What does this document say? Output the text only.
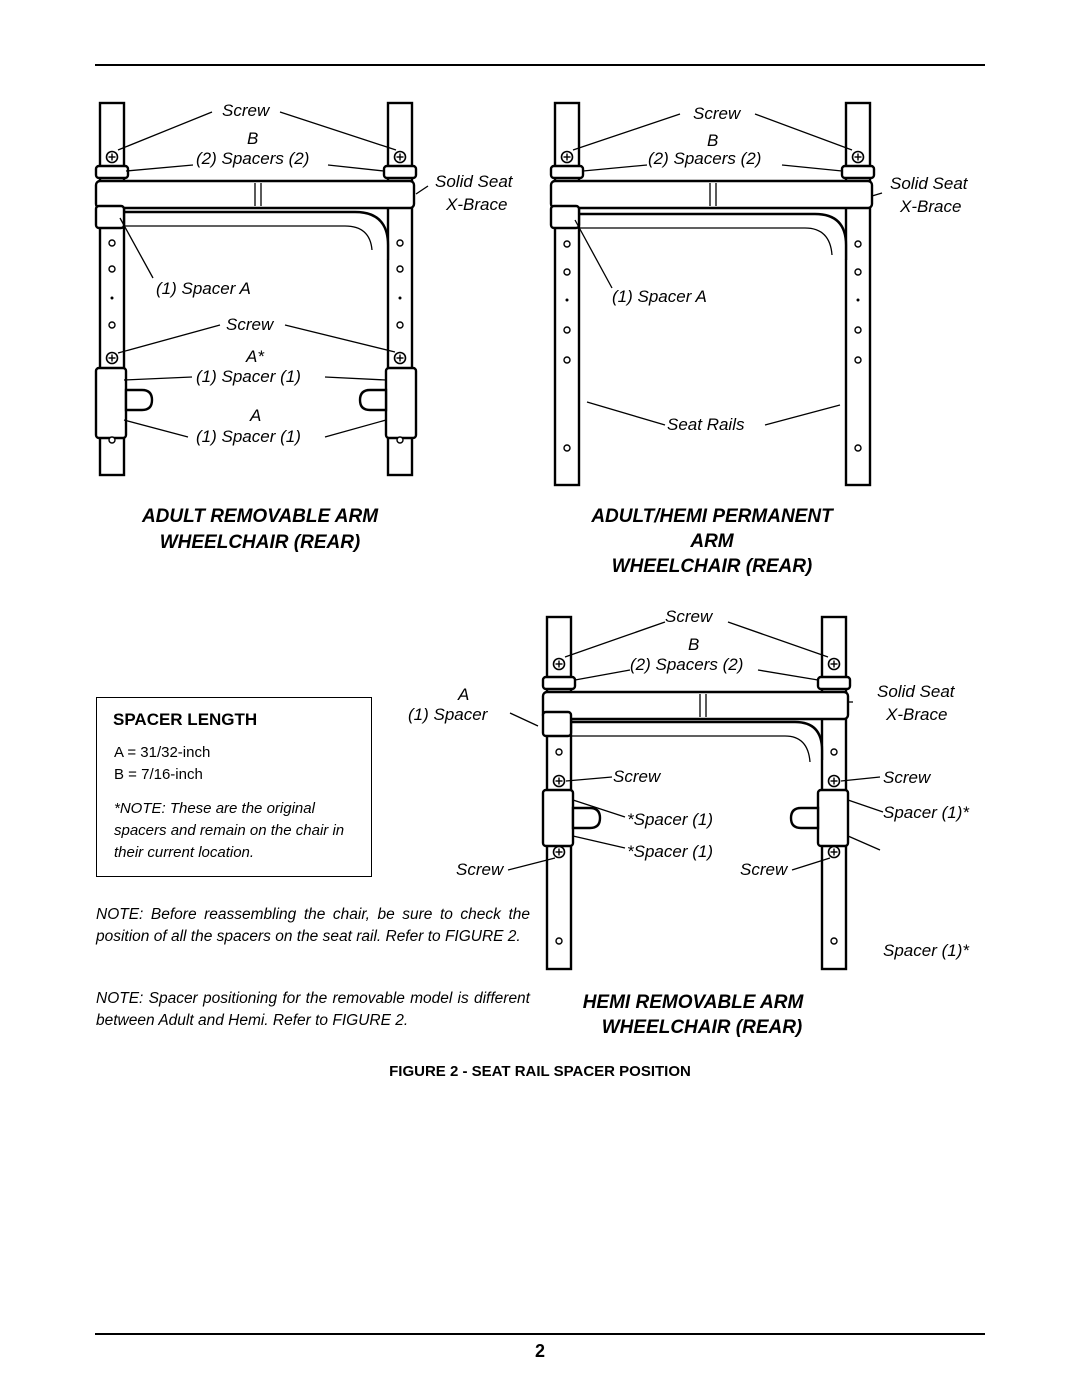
Screw
B
(2) Spacers (2)
Solid Seat
X-Brace
(1) Spacer A
Screw
A*
(1) Spacer (1)
A
(1) Spacer (1)
ADULT REMOVABLE ARM
WHEELCHAIR (REAR)
Screw
B
(2) Spacers (2)
Solid Seat
X-Brace
(1) Spacer A
Seat Rails
ADULT/HEMI PERMANENT
ARM
WHEELCHAIR (REAR)
Screw
B
(2) Spacers (2)
A
(1) Spacer
Solid Seat
X-Brace
Screw	Screw
*Spacer (1)	Spacer (1)*
*Spacer (1)
Screw	Screw
Spacer (1)*
HEMI REMOVABLE ARM
WHEELCHAIR (REAR)
FIGURE 2 - SEAT RAIL SPACER POSITION
2
SPACER LENGTH
A = 31/32-inch
B = 7/16-inch
*NOTE: These are the original spacers and remain on the chair in their current location.
NOTE: Before reassembling the chair, be sure to check the position of all the spacers on the seat rail. Refer to FIGURE 2.
NOTE: Spacer positioning for the removable model is different between Adult and Hemi. Refer to FIGURE 2.
